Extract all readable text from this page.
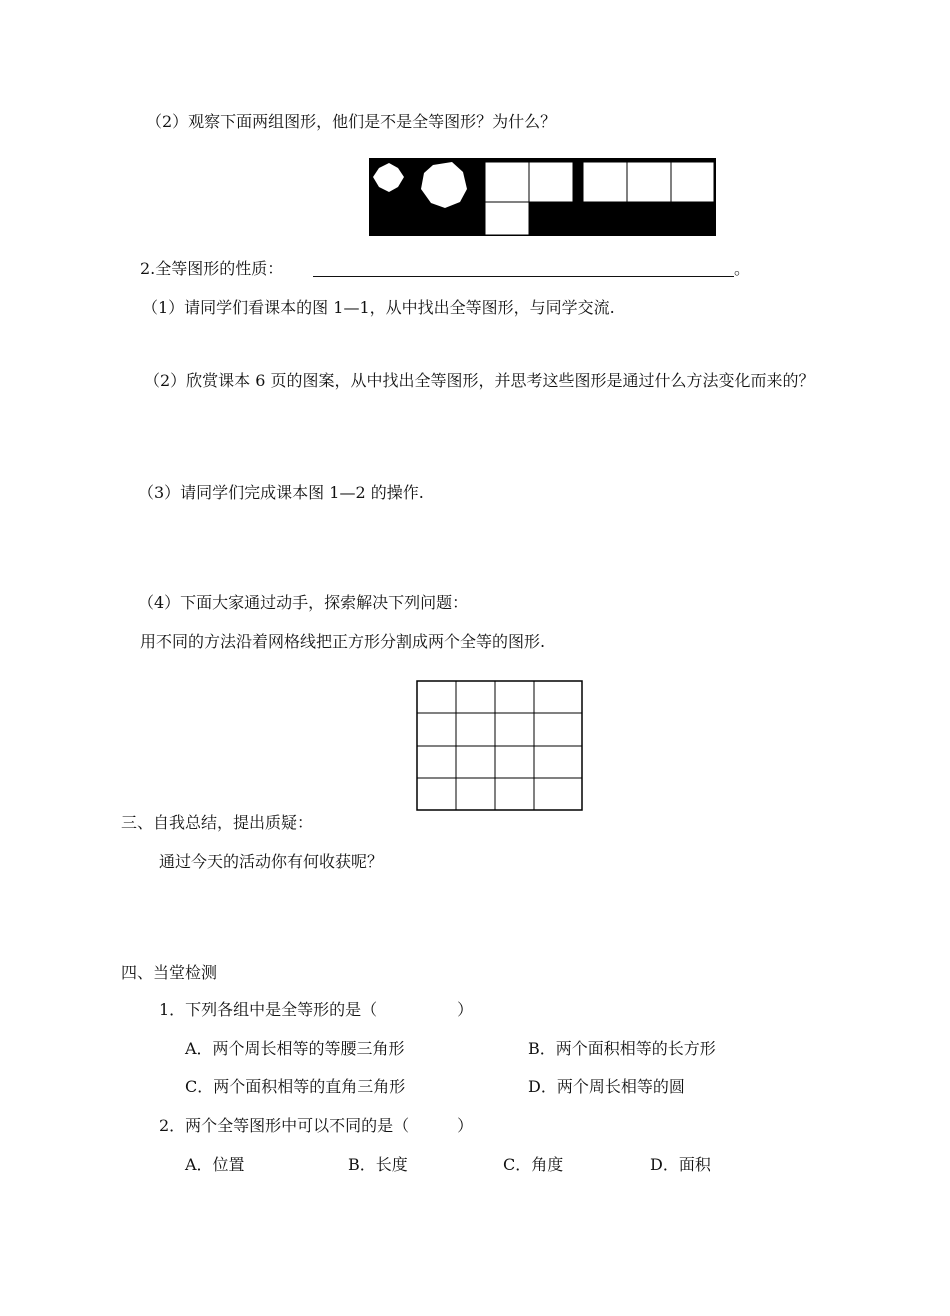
（2）观察下面两组图形，他们是不是全等图形？为什么？
2.全等图形的性质：	。
（1）请同学们看课本的图 1—1，从中找出全等图形，与同学交流.
（2）欣赏课本 6 页的图案，从中找出全等图形，并思考这些图形是通过什么方法变化而来的？
（3）请同学们完成课本图 1—2 的操作.
（4）下面大家通过动手，探索解决下列问题：
用不同的方法沿着网格线把正方形分割成两个全等的图形.
三、自我总结，提出质疑：
通过今天的活动你有何收获呢？
四、当堂检测
1．下列各组中是全等形的是（　　　　　）
A．两个周长相等的等腰三角形	B．两个面积相等的长方形
C．两个面积相等的直角三角形	D．两个周长相等的圆
2．两个全等图形中可以不同的是（　　　）
A．位置	B．长度	C．角度	D．面积
